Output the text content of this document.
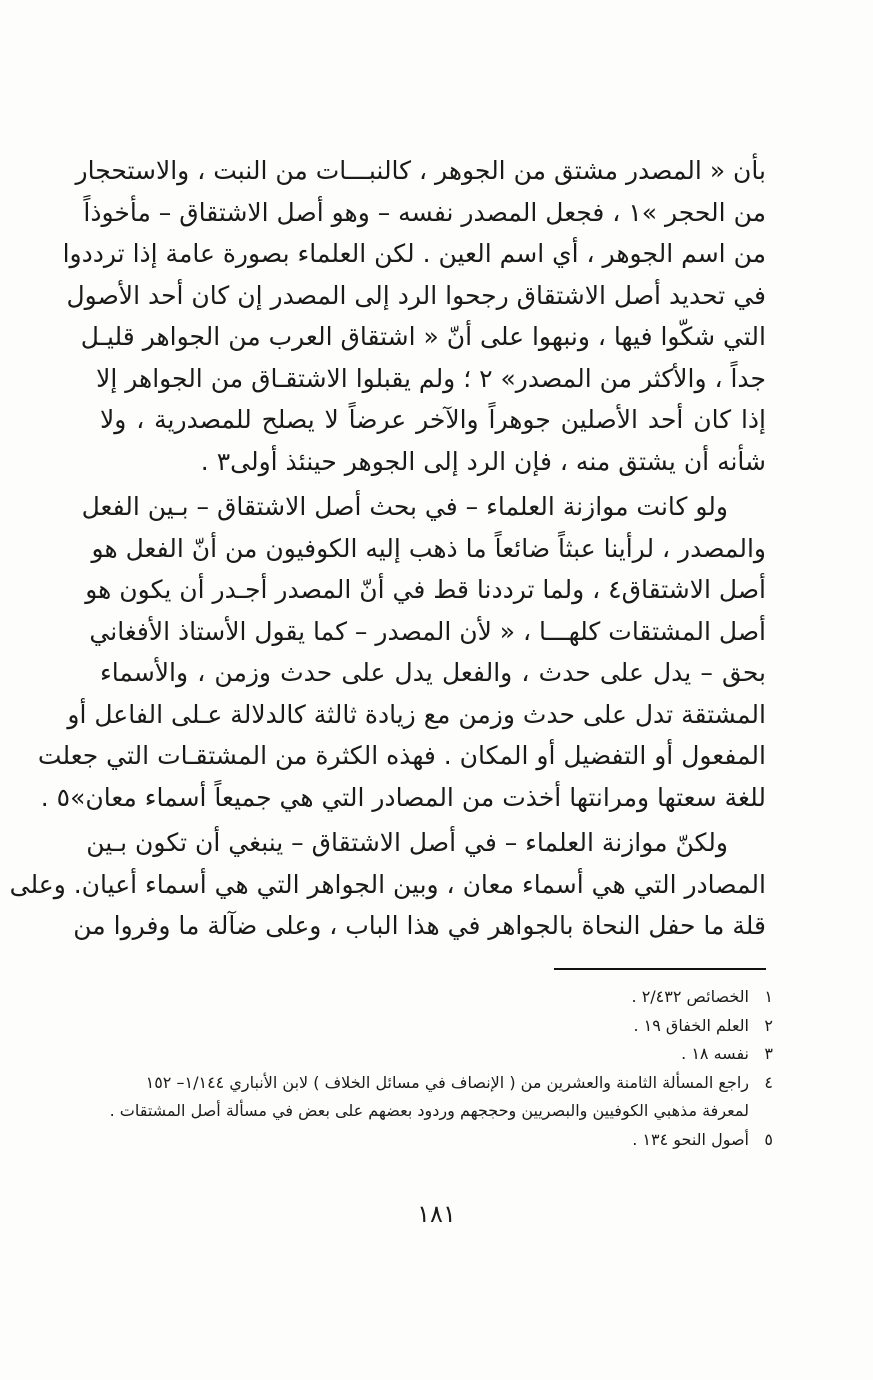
بأن « المصدر مشتق من الجوهر ، كالنبـــات من النبت ، والاستحجار
من الحجر »١ ، فجعل المصدر نفسه – وهو أصل الاشتقاق – مأخوذاً
من اسم الجوهر ، أي اسم العين . لكن العلماء بصورة عامة إذا ترددوا
في تحديد أصل الاشتقاق رجحوا الرد إلى المصدر إن كان أحد الأصول
التي شكّوا فيها ، ونبهوا على أنّ « اشتقاق العرب من الجواهر قليـل
جداً ، والأكثر من المصدر» ٢ ؛ ولم يقبلوا الاشتقـاق من الجواهر إلا
إذا كان أحد الأصلين جوهراً والآخر عرضاً لا يصلح للمصدرية ، ولا
شأنه أن يشتق منه ، فإن الرد إلى الجوهر حينئذ أولى٣ .

ولو كانت موازنة العلماء – في بحث أصل الاشتقاق – بـين الفعل
والمصدر ، لرأينا عبثاً ضائعاً ما ذهب إليه الكوفيون من أنّ الفعل هو
أصل الاشتقاق٤ ، ولما ترددنا قط في أنّ المصدر أجـدر أن يكون هو
أصل المشتقات كلهـــا ، « لأن المصدر – كما يقول الأستاذ الأفغاني
بحق – يدل على حدث ، والفعل يدل على حدث وزمن ، والأسماء
المشتقة تدل على حدث وزمن مع زيادة ثالثة كالدلالة عـلى الفاعل أو
المفعول أو التفضيل أو المكان . فهذه الكثرة من المشتقـات التي جعلت
للغة سعتها ومرانتها أخذت من المصادر التي هي جميعاً أسماء معان»٥ .

ولكنّ موازنة العلماء – في أصل الاشتقاق – ينبغي أن تكون بـين
المصادر التي هي أسماء معان ، وبين الجواهر التي هي أسماء أعيان. وعلى
قلة ما حفل النحاة بالجواهر في هذا الباب ، وعلى ضآلة ما وفروا من

١الخصائص ٢/٤٣٢ .
٢العلم الخفاق ١٩ .
٣نفسه ١٨ .
٤راجع المسألة الثامنة والعشرين من ( الإنصاف في مسائل الخلاف ) لابن الأنباري ١/١٤٤– ١٥٢
لمعرفة مذهبي الكوفيين والبصريين وحججهم وردود بعضهم على بعض في مسألة أصل المشتقات .
٥أصول النحو ١٣٤ .
١٨١
